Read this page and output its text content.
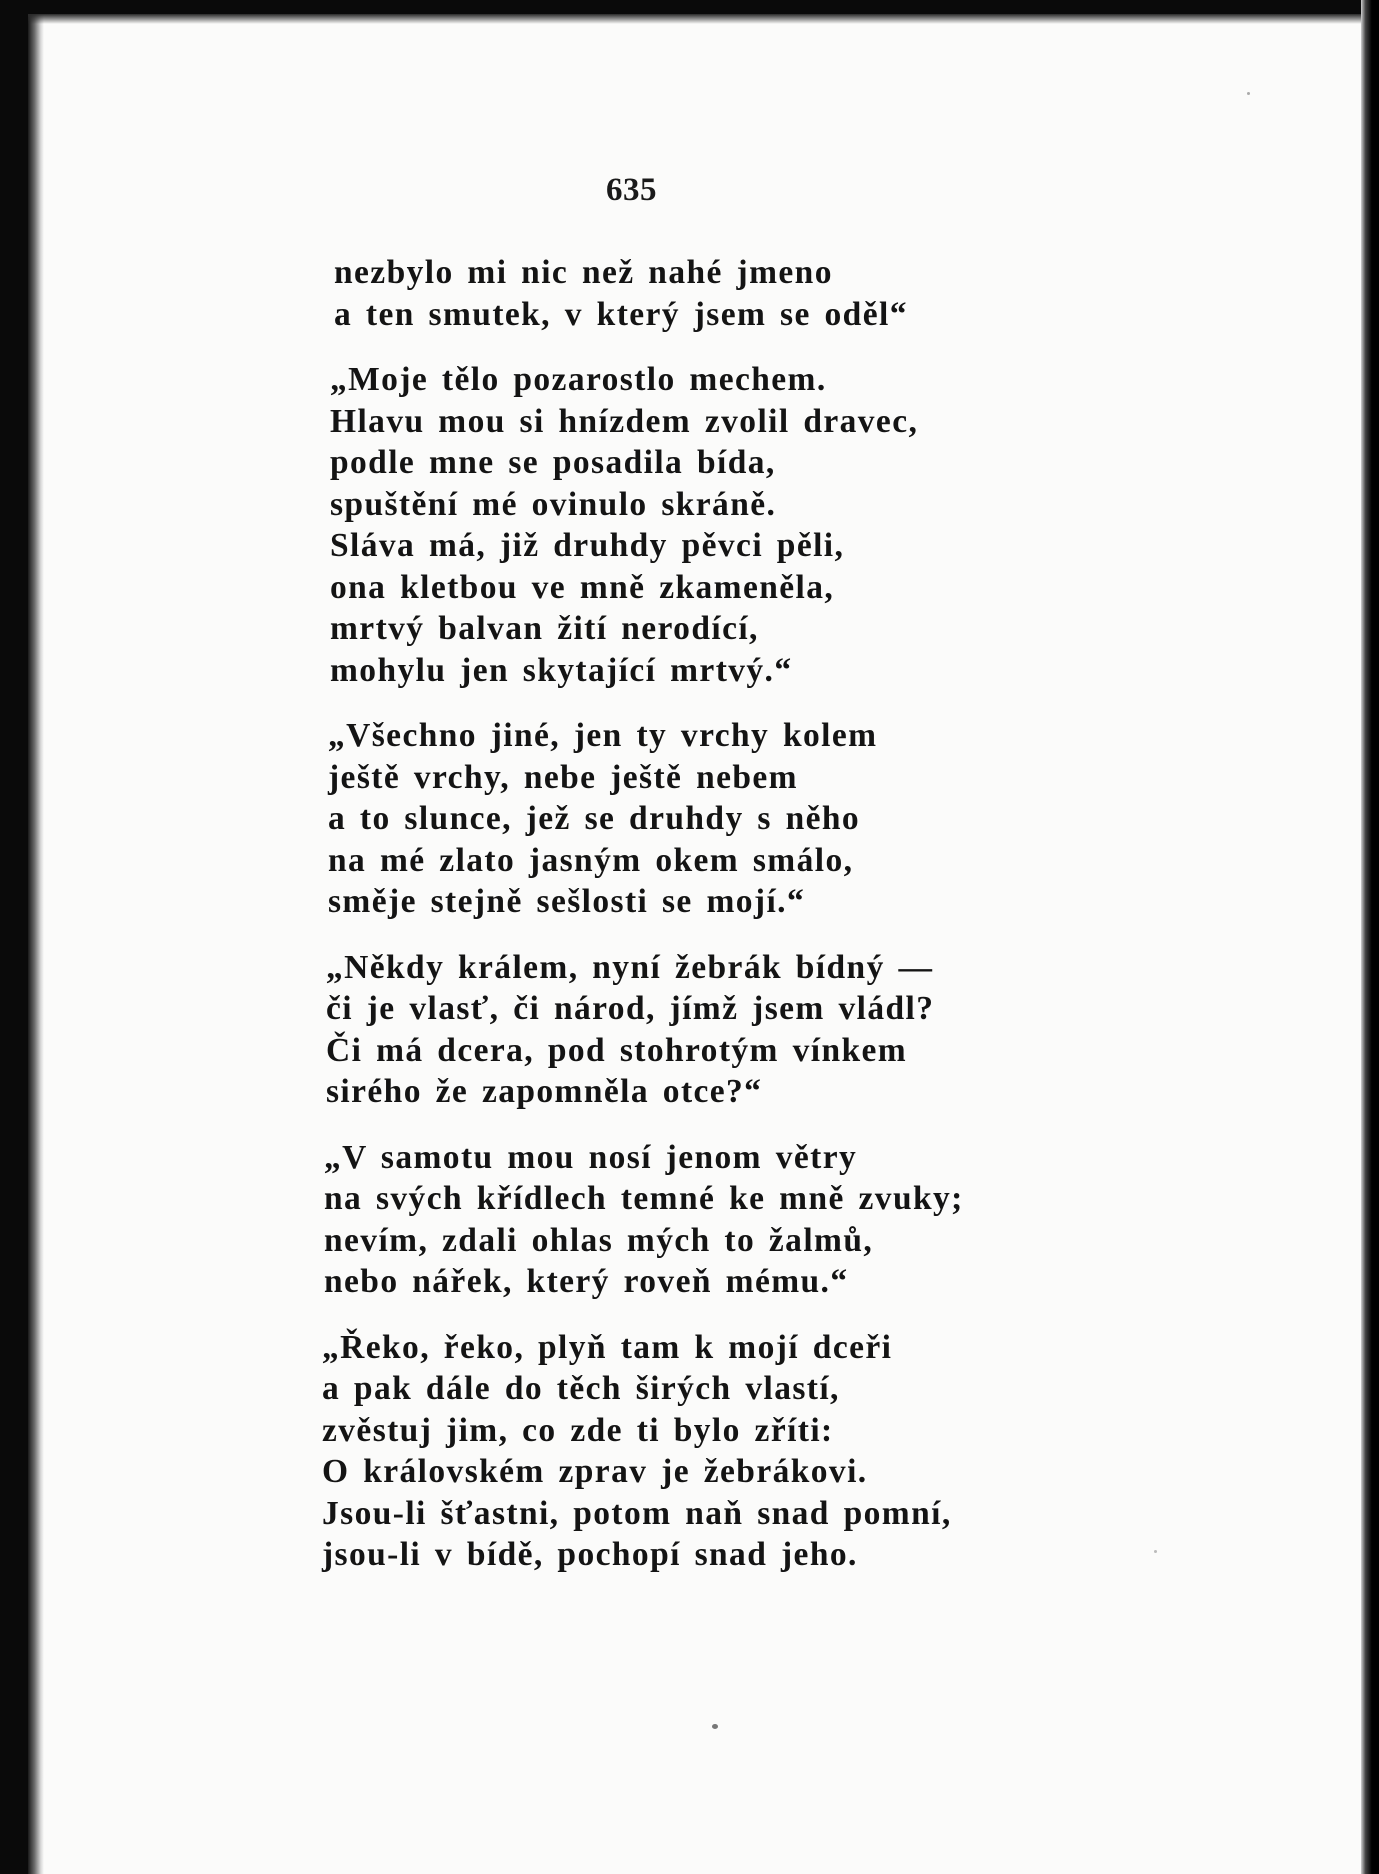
635
nezbylo mi nic než nahé jmeno
a ten smutek, v který jsem se oděl“
„Moje tělo pozarostlo mechem.
Hlavu mou si hnízdem zvolil dravec,
podle mne se posadila bída,
spuštění mé ovinulo skráně.
Sláva má, již druhdy pěvci pěli,
ona kletbou ve mně zkameněla,
mrtvý balvan žití nerodící,
mohylu jen skytající mrtvý.“
„Všechno jiné, jen ty vrchy kolem
ještě vrchy, nebe ještě nebem
a to slunce, jež se druhdy s něho
na mé zlato jasným okem smálo,
směje stejně sešlosti se mojí.“
„Někdy králem, nyní žebrák bídný —
či je vlasť, či národ, jímž jsem vládl?
Či má dcera, pod stohrotým vínkem
sirého že zapomněla otce?“
„V samotu mou nosí jenom větry
na svých křídlech temné ke mně zvuky;
nevím, zdali ohlas mých to žalmů,
nebo nářek, který roveň mému.“
„Řeko, řeko, plyň tam k mojí dceři
a pak dále do těch širých vlastí,
zvěstuj jim, co zde ti bylo zříti:
O královském zprav je žebrákovi.
Jsou-li šťastni, potom naň snad pomní,
jsou-li v bídě, pochopí snad jeho.
